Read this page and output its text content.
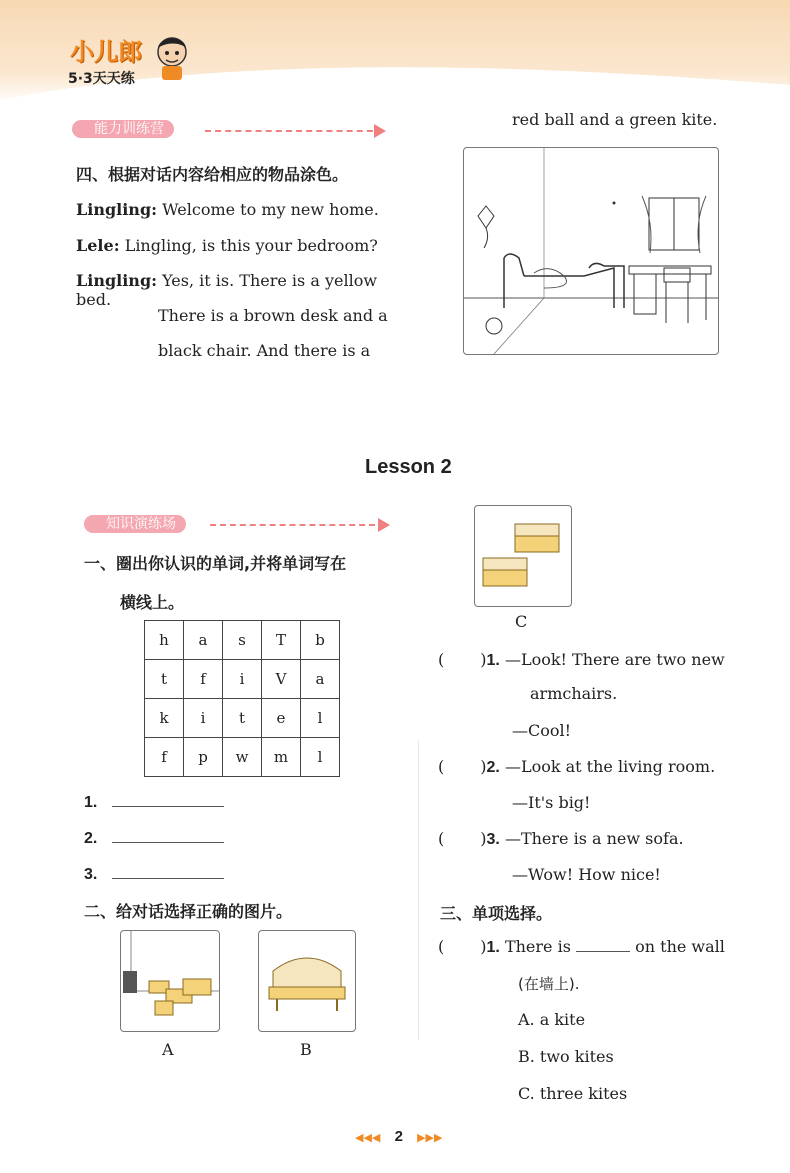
小儿郎
5·3天天练
能力训练营
四、根据对话内容给相应的物品涂色。
Lingling: Welcome to my new home.
Lele: Lingling, is this your bedroom?
Lingling: Yes, it is. There is a yellow bed.
There is a brown desk and a
black chair. And there is a
red ball and a green kite.
Lesson 2
知识演练场
一、圈出你认识的单词,并将单词写在
横线上。
h	a	s	T	b
t	f	i	V	a
k	i	t	e	l
f	p	w	m	l
1.
2.
3.
二、给对话选择正确的图片。
A	B
C
( )1. —Look! There are two new
armchairs.
—Cool!
( )2. —Look at the living room.
—It's big!
( )3. —There is a new sofa.
—Wow! How nice!
三、单项选择。
( )1. There is	on the wall
(在墙上).
A. a kite
B. two kites
C. three kites
◀◀◀ 2 ▶▶▶
